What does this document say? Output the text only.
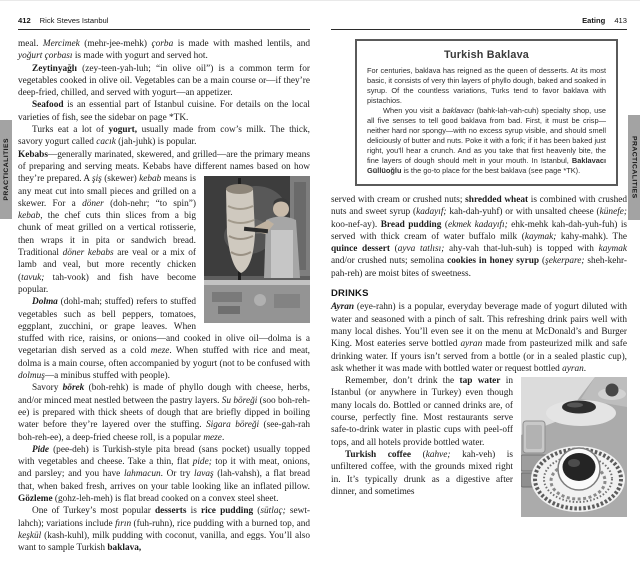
PRACTICALITIES	PRACTICALITIES
412 Rick Steves Istanbul

meal. Mercimek (mehr-jee-mehk) çorba is made with mashed lentils, and yoğurt çorbası is made with yogurt and served hot.

Zeytinyağlı (zey-teen-yah-luh; “in olive oil”) is a common term for vegetables cooked in olive oil. Vegetables can be a main course or—if they’re deep-fried, chilled, and served with yogurt—an appetizer.

Seafood is an essential part of Istanbul cuisine. For details on the local varieties of fish, see the sidebar on page *TK.

Turks eat a lot of yogurt, usually made from cow’s milk. The thick, savory yogurt called cacık (jah-juhk) is popular.

Kebabs—generally marinated, skewered, and grilled—are the primary means of preparing and serving meats. Kebabs have different names based on how they’re prepared. A şiş (skewer) kebab means is any meat cut into small pieces and grilled on a skewer. For a döner (doh-nehr; “to spin”) kebab, the chef cuts thin slices from a big chunk of meat grilled on a vertical rotisserie, then wraps it in pita or sandwich bread. Traditional döner kebabs are veal or a mix of lamb and veal, but more recently chicken (tavuk; tah-vook) and fish have become popular.

Dolma (dohl-mah; stuffed) refers to stuffed vegetables such as bell peppers, tomatoes, eggplant, zucchini, or grape leaves. When stuffed with rice, raisins, or onions—and cooked in olive oil—dolma is a vegetarian dish served as a cold meze. When stuffed with rice and meat, dolma is a main course, often accompanied by yogurt (not to be confused with dolmuş—a minibus stuffed with people).

Savory börek (boh-rehk) is made of phyllo dough with cheese, herbs, and/or minced meat nestled between the pastry layers. Su böreği (soo boh-reh-ee) is prepared with thick sheets of dough that are briefly dipped in boiling water before they’re layered over the stuffing. Sigara böreği (see-gah-rah boh-reh-ee), a deep-fried cheese roll, is a popular meze.

Pide (pee-deh) is Turkish-style pita bread (sans pocket) usually topped with vegetables and cheese. Take a thin, flat pide; top it with meat, onions, and parsley; and you have lahmacun. Or try lavaş (lah-vahsh), a flat bread that, when baked fresh, arrives on your table looking like an inflated pillow. Gözleme (gohz-leh-meh) is flat bread cooked on a convex steel sheet.

One of Turkey’s most popular desserts is rice pudding (sütlaç; sewt-lahch); variations include fırın (fuh-ruhn), rice pudding with a burned top, and keşkül (kash-kuhl), milk pudding with coconut, vanilla, and eggs. You’ll also want to sample Turkish baklava,

Eating 413
Turkish Baklava

For centuries, baklava has reigned as the queen of desserts. At its most basic, it consists of very thin layers of phyllo dough, baked and soaked in syrup. Of the countless variations, Turks tend to favor baklava with pistachios.

When you visit a baklavacı (bahk-lah-vah-cuh) specialty shop, use all five senses to tell good baklava from bad. First, it must be crisp—neither hard nor spongy—with no excess syrup visible, and should smell deliciously of butter and nuts. Poke it with a fork; if it has been baked just right, you’ll hear a crunch. And as you take that first heavenly bite, the fine layers of dough should melt in your mouth. In Istanbul, Baklavacı Güllüoğlu is the go-to place for the best baklava (see page *TK).

served with cream or crushed nuts; shredded wheat is combined with crushed nuts and sweet syrup (kadayıf; kah-dah-yuhf) or with unsalted cheese (künefe; koo-nef-ay). Bread pudding (ekmek kadayıfı; ehk-mehk kah-dah-yuh-fuh) is served with thick cream of water buffalo milk (kaymak; kahy-mahk). The quince dessert (ayva tatlısı; ahy-vah that-luh-suh) is topped with kaymak and/or crushed nuts; semolina cookies in honey syrup (şekerpare; sheh-kehr-pah-reh) are moist bites of sweetness.

DRINKS

Ayran (eye-rahn) is a popular, everyday beverage made of yogurt diluted with water and seasoned with a pinch of salt. This refreshing drink pairs well with many local dishes. You’ll even see it on the menu at McDonald’s and Burger King. Most eateries serve bottled ayran made from pasteurized milk and safe drinking water. If yours isn’t served from a bottle (or in a sealed plastic cup), ask whether it was made with bottled water or request bottled ayran.

Remember, don’t drink the tap water in Istanbul (or anywhere in Turkey) even though many locals do. Bottled or canned drinks are, of course, perfectly fine. Most restaurants serve safe-to-drink water in plastic cups with peel-off tops, and all hotels provide bottled water.

Turkish coffee (kahve; kah-veh) is unfiltered coffee, with the grounds mixed right in. It’s typically drunk as a digestive after dinner, and sometimes
